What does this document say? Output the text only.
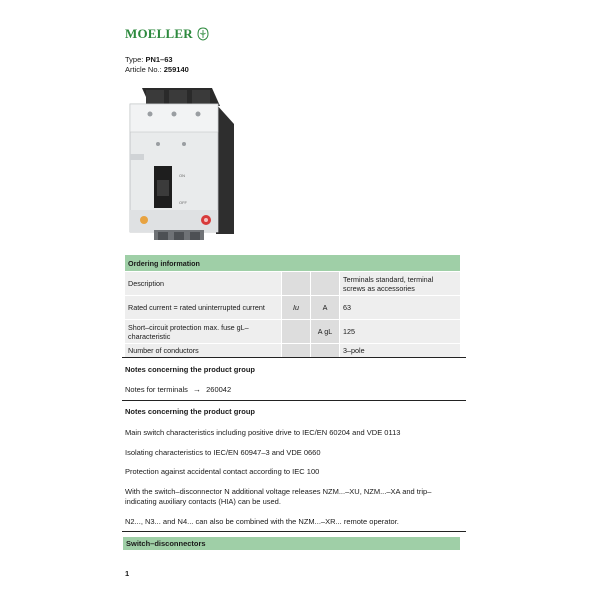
MOELLER
Type: PN1–63
Article No.: 259140
ON
OFF
Ordering information			
Description			Terminals standard, terminal screws as accessories
Rated current = rated uninterrupted current	Iu	A	63
Short–circuit protection max. fuse gL–characteristic		A gL	125
Number of conductors			3–pole
Notes concerning the product group
Notes for terminals → 260042
Notes concerning the product group
Main switch characteristics including positive drive to IEC/EN 60204 and VDE 0113
Isolating characteristics to IEC/EN 60947–3 and VDE 0660
Protection against accidental contact according to IEC 100
With the switch–disconnector N additional voltage releases NZM...–XU, NZM...–XA and trip–indicating auxiliary contacts (HIA) can be used.
N2..., N3... and N4... can also be combined with the NZM...–XR... remote operator.
Switch–disconnectors
1
